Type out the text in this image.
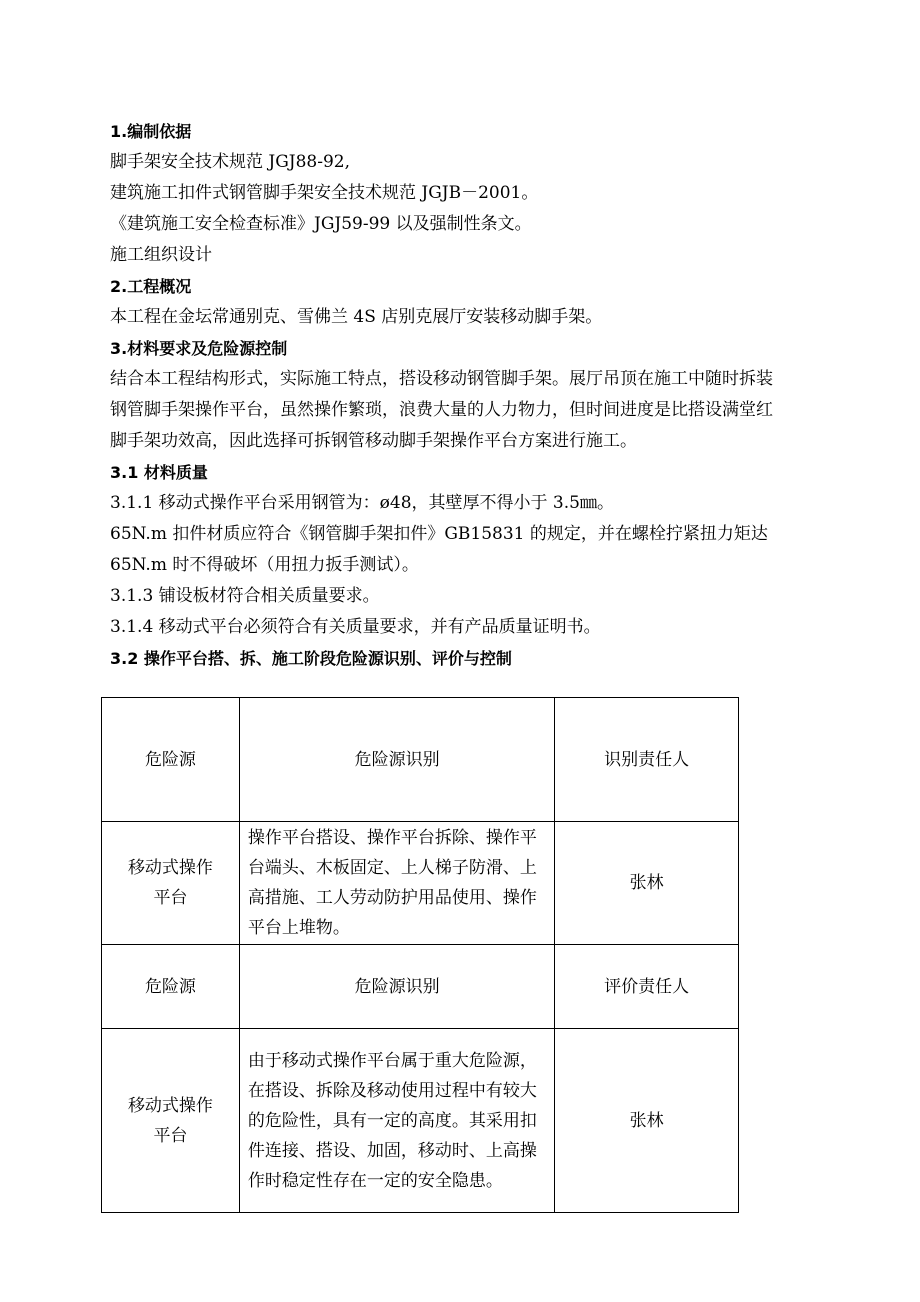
1.编制依据
脚手架安全技术规范 JGJ88-92,
建筑施工扣件式钢管脚手架安全技术规范 JGJB－2001。
《建筑施工安全检查标准》JGJ59-99 以及强制性条文。
施工组织设计
2.工程概况
本工程在金坛常通别克、雪佛兰 4S 店别克展厅安装移动脚手架。
3.材料要求及危险源控制
结合本工程结构形式，实际施工特点，搭设移动钢管脚手架。展厅吊顶在施工中随时拆装
钢管脚手架操作平台，虽然操作繁琐，浪费大量的人力物力，但时间进度是比搭设满堂红
脚手架功效高，因此选择可拆钢管移动脚手架操作平台方案进行施工。
3.1 材料质量
3.1.1 移动式操作平台采用钢管为：ø48，其壁厚不得小于 3.5㎜。
65N.m 扣件材质应符合《钢管脚手架扣件》GB15831 的规定，并在螺栓拧紧扭力矩达
65N.m 时不得破坏（用扭力扳手测试）。
3.1.3 铺设板材符合相关质量要求。
3.1.4 移动式平台必须符合有关质量要求，并有产品质量证明书。
3.2 操作平台搭、拆、施工阶段危险源识别、评价与控制
危险源	危险源识别	识别责任人
移动式操作平台	操作平台搭设、操作平台拆除、操作平台端头、木板固定、上人梯子防滑、上高措施、工人劳动防护用品使用、操作平台上堆物。	张林
危险源	危险源识别	评价责任人
移动式操作平台	由于移动式操作平台属于重大危险源，在搭设、拆除及移动使用过程中有较大的危险性，具有一定的高度。其采用扣件连接、搭设、加固，移动时、上高操作时稳定性存在一定的安全隐患。	张林
